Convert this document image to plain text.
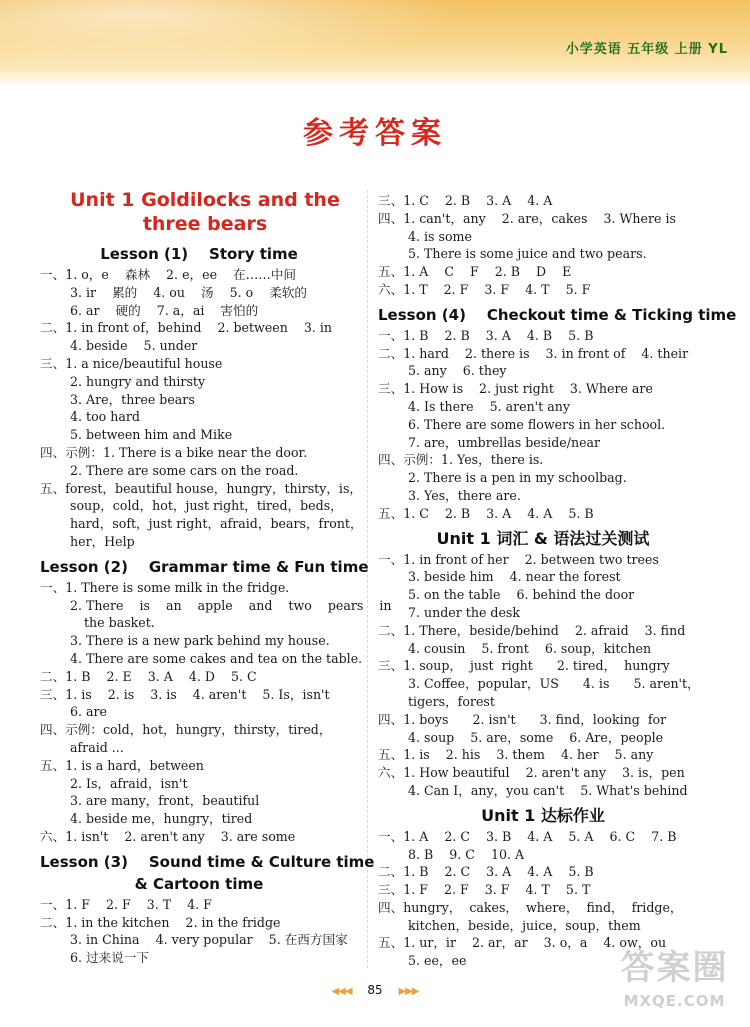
小学英语 五年级 上册 YL
参考答案
Unit 1 Goldilocks and the
three bears
Lesson (1)    Story time
一、1. o，e    森林    2. e，ee    在……中间
3. ir    累的    4. ou    汤    5. o    柔软的
6. ar    硬的    7. a，ai    害怕的
二、1. in front of，behind    2. between    3. in
4. beside    5. under
三、1. a nice/beautiful house
2. hungry and thirsty
3. Are，three bears
4. too hard
5. between him and Mike
四、示例：1. There is a bike near the door.
2. There are some cars on the road.
五、forest，beautiful house，hungry，thirsty，is，
soup，cold，hot，just right，tired，beds，
hard，soft，just right，afraid，bears，front，
her，Help
Lesson (2)    Grammar time & Fun time
一、1. There is some milk in the fridge.
2. There    is    an    apple    and    two    pears    in
the basket.
3. There is a new park behind my house.
4. There are some cakes and tea on the table.
二、1. B    2. E    3. A    4. D    5. C
三、1. is    2. is    3. is    4. aren't    5. Is，isn't
6. are
四、示例：cold，hot，hungry，thirsty，tired，
afraid ...
五、1. is a hard，between
2. Is，afraid，isn't
3. are many，front，beautiful
4. beside me，hungry，tired
六、1. isn't    2. aren't any    3. are some
Lesson (3)    Sound time & Culture time
& Cartoon time
一、1. F    2. F    3. T    4. F
二、1. in the kitchen    2. in the fridge
3. in China    4. very popular    5. 在西方国家
6. 过来说一下
三、1. C    2. B    3. A    4. A
四、1. can't，any    2. are，cakes    3. Where is
4. is some
5. There is some juice and two pears.
五、1. A    C    F    2. B    D    E
六、1. T    2. F    3. F    4. T    5. F
Lesson (4)    Checkout time & Ticking time
一、1. B    2. B    3. A    4. B    5. B
二、1. hard    2. there is    3. in front of    4. their
5. any    6. they
三、1. How is    2. just right    3. Where are
4. Is there    5. aren't any
6. There are some flowers in her school.
7. are，umbrellas beside/near
四、示例：1. Yes，there is.
2. There is a pen in my schoolbag.
3. Yes，there are.
五、1. C    2. B    3. A    4. A    5. B
Unit 1 词汇 & 语法过关测试
一、1. in front of her    2. between two trees
3. beside him    4. near the forest
5. on the table    6. behind the door
7. under the desk
二、1. There，beside/behind    2. afraid    3. find
4. cousin    5. front    6. soup，kitchen
三、1. soup，  just  right      2. tired，  hungry
3. Coffee，popular，US      4. is      5. aren't，
tigers，forest
四、1. boys      2. isn't      3. find，looking  for
4. soup    5. are，some    6. Are，people
五、1. is    2. his    3. them    4. her    5. any
六、1. How beautiful    2. aren't any    3. is，pen
4. Can I，any，you can't    5. What's behind
Unit 1 达标作业
一、1. A    2. C    3. B    4. A    5. A    6. C    7. B
8. B    9. C    10. A
二、1. B    2. C    3. A    4. A    5. B
三、1. F    2. F    3. F    4. T    5. T
四、hungry，  cakes，  where，  find，  fridge，
kitchen，beside，juice，soup，them
五、1. ur，ir    2. ar，ar    3. o，a    4. ow，ou
5. ee，ee
◀◀◀ 85 ▶▶▶
答案圈
MXQE.COM
